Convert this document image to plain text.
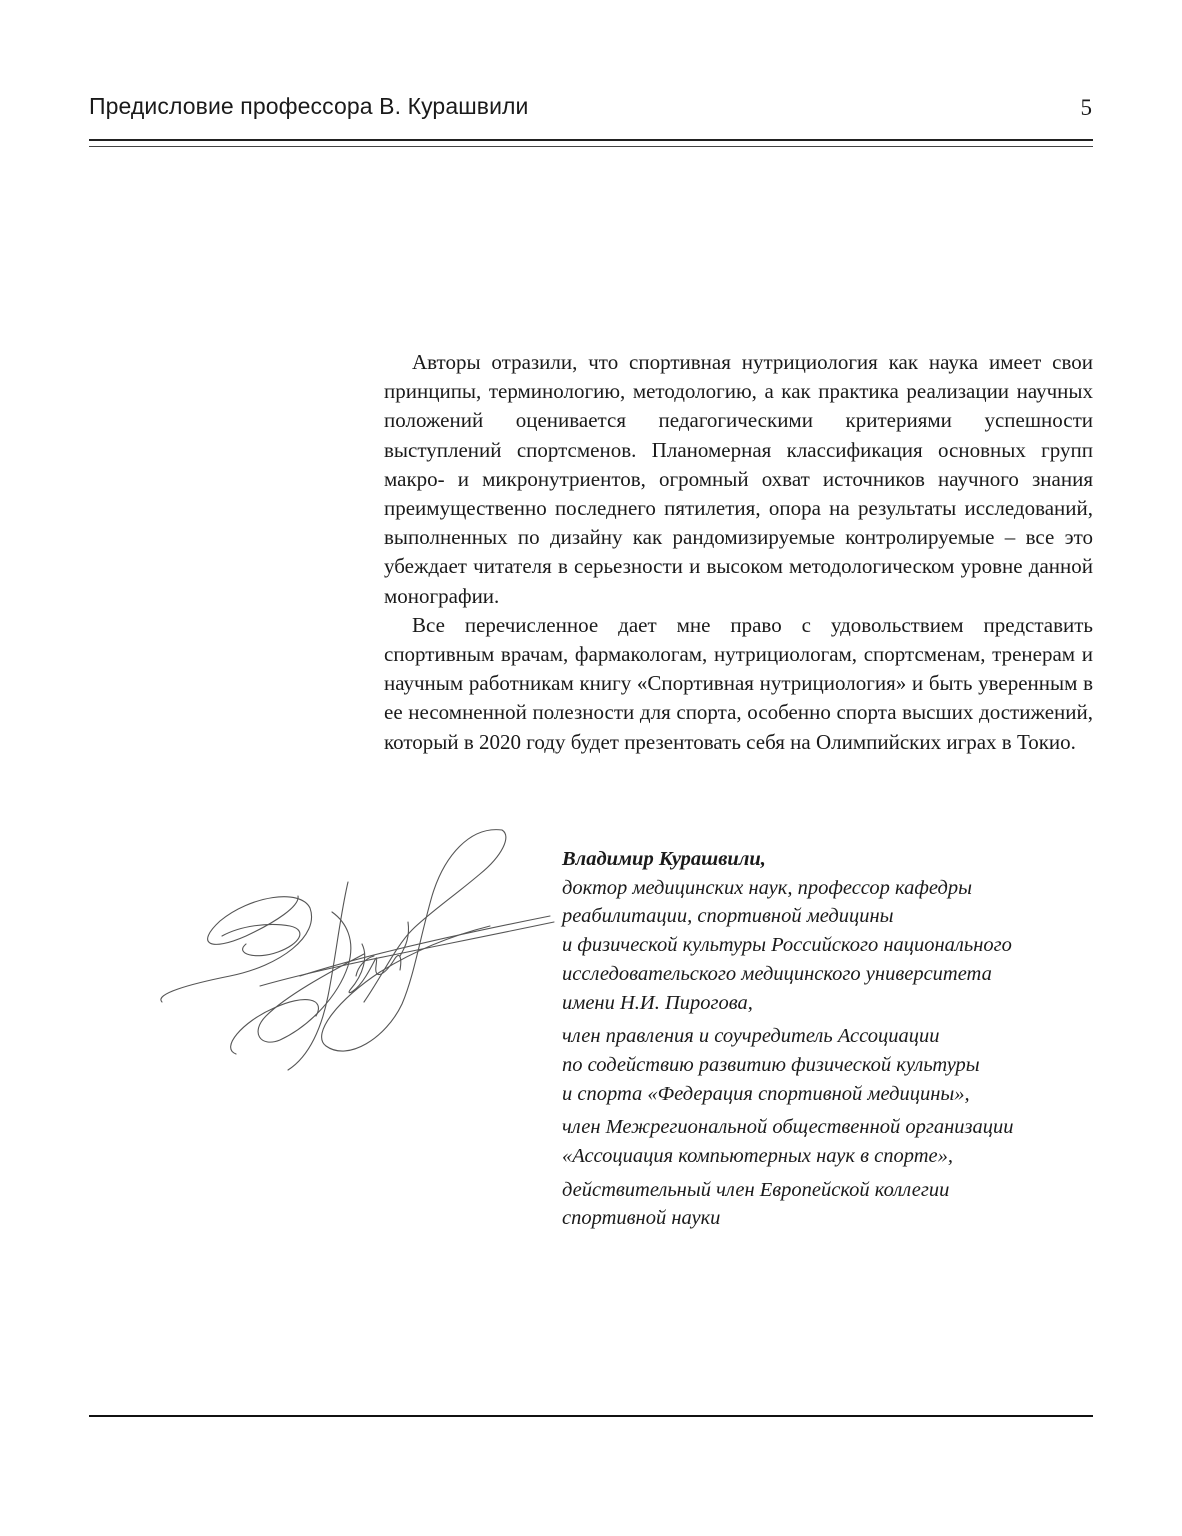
Предисловие профессора В. Курашвили	5

Авторы отразили, что спортивная нутрициология как наука имеет свои принципы, терминологию, методологию, а как практика реализации научных положений оценивается педагогическими критериями успешности выступлений спортсменов. Планомерная классификация основных групп макро- и микронутриентов, огромный охват источников научного знания преимущественно последнего пятилетия, опора на результаты исследований, выполненных по дизайну как рандомизируемые контролируемые – все это убеждает читателя в серьезности и высоком методологическом уровне данной монографии.

Все перечисленное дает мне право с удовольствием представить спортивным врачам, фармакологам, нутрициологам, спортсменам, тренерам и научным работникам книгу «Спортивная нутрициология» и быть уверенным в ее несомненной полезности для спорта, особенно спорта высших достижений, который в 2020 году будет презентовать себя на Олимпийских играх в Токио.

Владимир Курашвили,
доктор медицинских наук, профессор кафедры
реабилитации, спортивной медицины
и физической культуры Российского национального
исследовательского медицинского университета
имени Н.И. Пирогова,
член правления и соучредитель Ассоциации
по содействию развитию физической культуры
и спорта «Федерация спортивной медицины»,
член Межрегиональной общественной организации
«Ассоциация компьютерных наук в спорте»,
действительный член Европейской коллегии
спортивной науки
